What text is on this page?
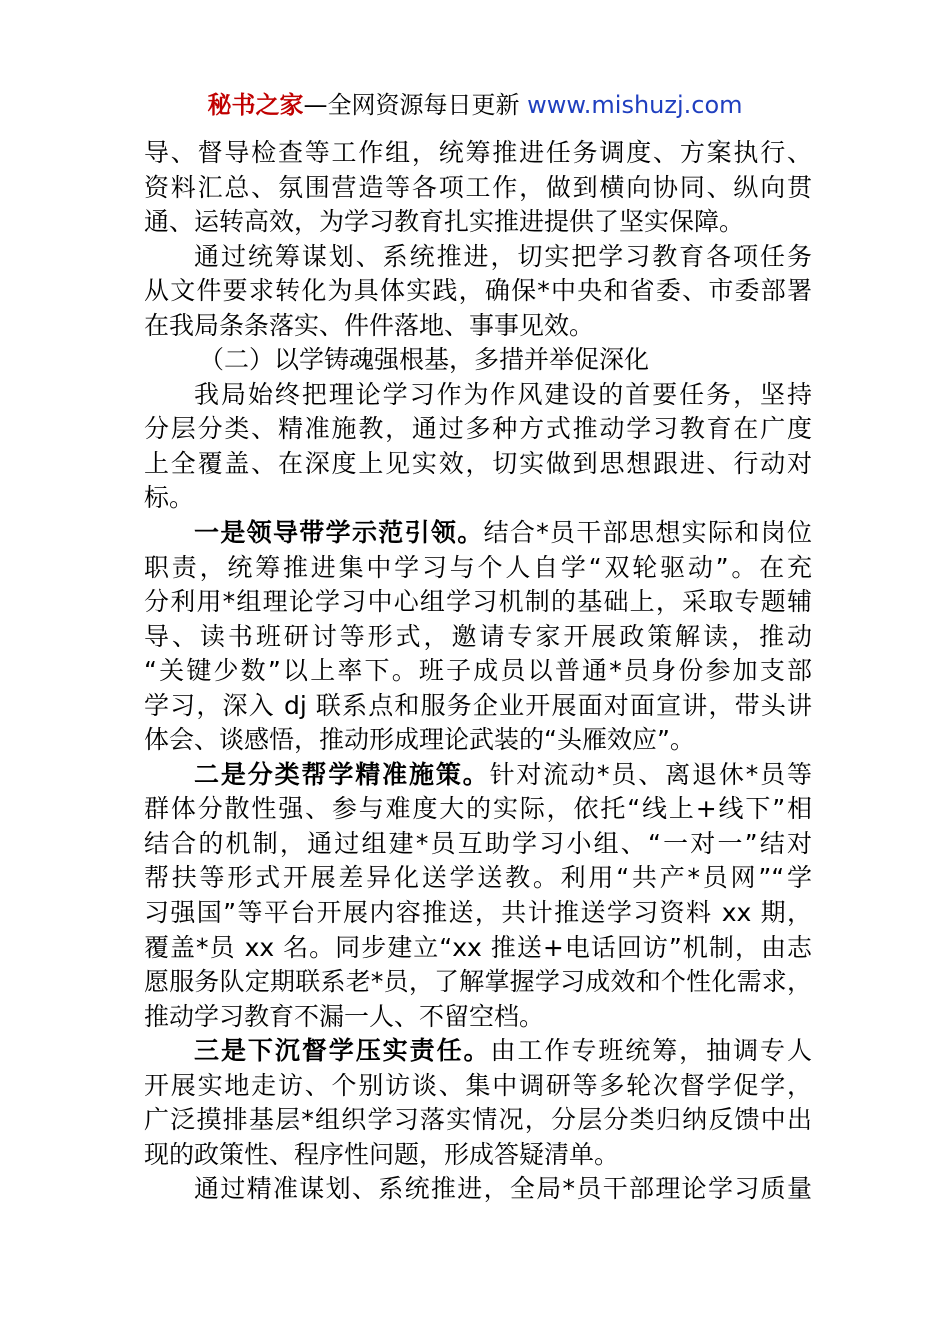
秘书之家—全网资源每日更新 www.mishuzj.com
导、督导检查等工作组，统筹推进任务调度、方案执行、
资料汇总、氛围营造等各项工作，做到横向协同、纵向贯
通、运转高效，为学习教育扎实推进提供了坚实保障。
通过统筹谋划、系统推进，切实把学习教育各项任务
从文件要求转化为具体实践，确保*中央和省委、市委部署
在我局条条落实、件件落地、事事见效。
（二）以学铸魂强根基，多措并举促深化
我局始终把理论学习作为作风建设的首要任务，坚持
分层分类、精准施教，通过多种方式推动学习教育在广度
上全覆盖、在深度上见实效，切实做到思想跟进、行动对
标。
一是领导带学示范引领。结合*员干部思想实际和岗位
职责，统筹推进集中学习与个人自学“双轮驱动”。在充
分利用*组理论学习中心组学习机制的基础上，采取专题辅
导、读书班研讨等形式，邀请专家开展政策解读，推动
“关键少数”以上率下。班子成员以普通*员身份参加支部
学习，深入 dj 联系点和服务企业开展面对面宣讲，带头讲
体会、谈感悟，推动形成理论武装的“头雁效应”。
二是分类帮学精准施策。针对流动*员、离退休*员等
群体分散性强、参与难度大的实际，依托“线上+线下”相
结合的机制，通过组建*员互助学习小组、“一对一”结对
帮扶等形式开展差异化送学送教。利用“共产*员网”“学
习强国”等平台开展内容推送，共计推送学习资料 xx 期，
覆盖*员 xx 名。同步建立“xx 推送+电话回访”机制，由志
愿服务队定期联系老*员，了解掌握学习成效和个性化需求，
推动学习教育不漏一人、不留空档。
三是下沉督学压实责任。由工作专班统筹，抽调专人
开展实地走访、个别访谈、集中调研等多轮次督学促学，
广泛摸排基层*组织学习落实情况，分层分类归纳反馈中出
现的政策性、程序性问题，形成答疑清单。
通过精准谋划、系统推进，全局*员干部理论学习质量
